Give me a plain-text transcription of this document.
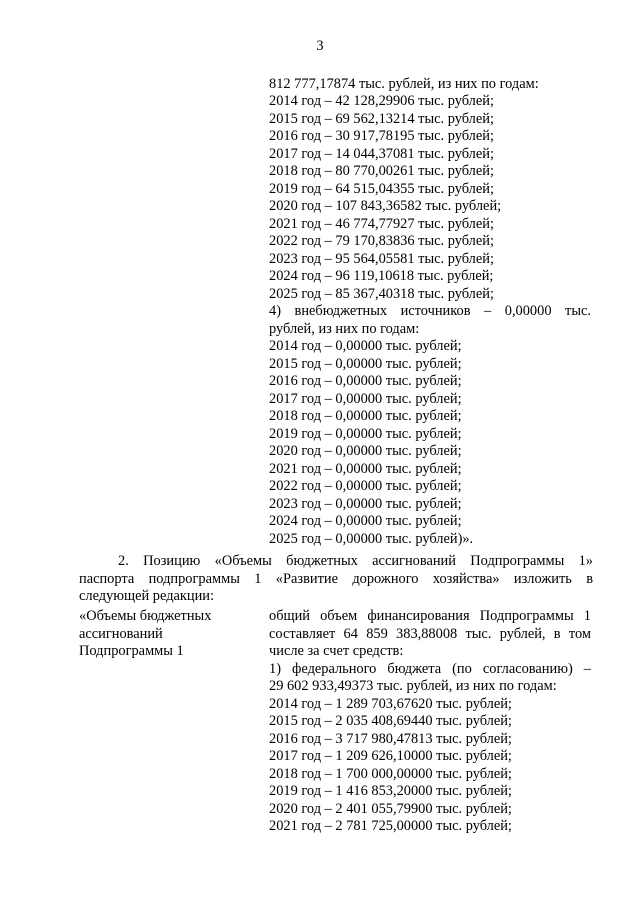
3
812 777,17874 тыс. рублей, из них по годам:
2014 год – 42 128,29906 тыс. рублей;
2015 год – 69 562,13214 тыс. рублей;
2016 год – 30 917,78195 тыс. рублей;
2017 год – 14 044,37081 тыс. рублей;
2018 год – 80 770,00261 тыс. рублей;
2019 год – 64 515,04355 тыс. рублей;
2020 год – 107 843,36582 тыс. рублей;
2021 год – 46 774,77927 тыс. рублей;
2022 год – 79 170,83836 тыс. рублей;
2023 год – 95 564,05581 тыс. рублей;
2024 год – 96 119,10618 тыс. рублей;
2025 год – 85 367,40318 тыс. рублей;
4) внебюджетных источников – 0,00000 тыс.
рублей, из них по годам:
2014 год – 0,00000 тыс. рублей;
2015 год – 0,00000 тыс. рублей;
2016 год – 0,00000 тыс. рублей;
2017 год – 0,00000 тыс. рублей;
2018 год – 0,00000 тыс. рублей;
2019 год – 0,00000 тыс. рублей;
2020 год – 0,00000 тыс. рублей;
2021 год – 0,00000 тыс. рублей;
2022 год – 0,00000 тыс. рублей;
2023 год – 0,00000 тыс. рублей;
2024 год – 0,00000 тыс. рублей;
2025 год – 0,00000 тыс. рублей)».
2. Позицию «Объемы бюджетных ассигнований Подпрограммы 1»
паспорта подпрограммы 1 «Развитие дорожного хозяйства» изложить в
следующей редакции:
«Объемы бюджетных
ассигнований
Подпрограммы 1
общий объем финансирования Подпрограммы 1
составляет 64 859 383,88008 тыс. рублей, в том
числе за счет средств:
1) федерального бюджета (по согласованию) –
29 602 933,49373 тыс. рублей, из них по годам:
2014 год – 1 289 703,67620 тыс. рублей;
2015 год – 2 035 408,69440 тыс. рублей;
2016 год – 3 717 980,47813 тыс. рублей;
2017 год – 1 209 626,10000 тыс. рублей;
2018 год – 1 700 000,00000 тыс. рублей;
2019 год – 1 416 853,20000 тыс. рублей;
2020 год – 2 401 055,79900 тыс. рублей;
2021 год – 2 781 725,00000 тыс. рублей;
